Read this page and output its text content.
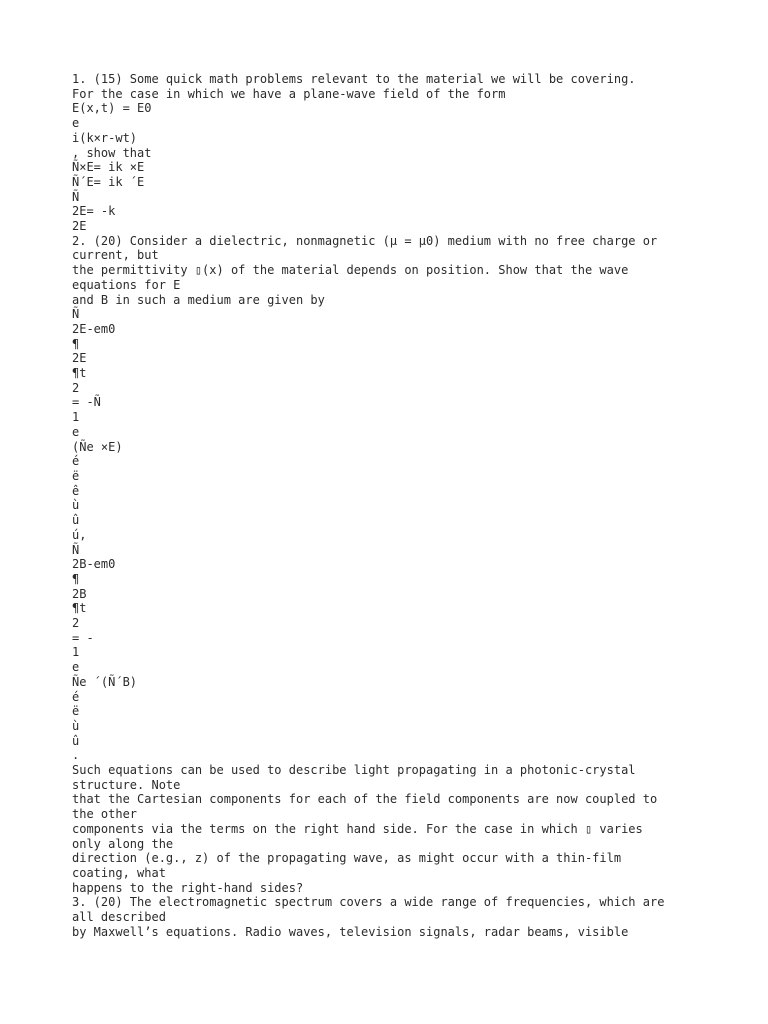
1. (15) Some quick math problems relevant to the material we will be covering.
For the case in which we have a plane-wave field of the form
E(x,t) = E0
e
i(k×r-wt)
, show that
Ñ×E= ik ×E
Ñ´E= ik ´E
Ñ
2E= -k
2E
2. (20) Consider a dielectric, nonmagnetic (μ = μ0) medium with no free charge or
current, but
the permittivity ▯(x) of the material depends on position. Show that the wave
equations for E
and B in such a medium are given by
Ñ
2E-em0
¶
2E
¶t
2
= -Ñ
1
e
(Ñe ×E)
é
ë
ê
ù
û
ú,
Ñ
2B-em0
¶
2B
¶t
2
= -
1
e
Ñe ´(Ñ´B)
é
ë
ù
û
.
Such equations can be used to describe light propagating in a photonic-crystal
structure. Note
that the Cartesian components for each of the field components are now coupled to
the other
components via the terms on the right hand side. For the case in which ▯ varies
only along the
direction (e.g., z) of the propagating wave, as might occur with a thin-film
coating, what
happens to the right-hand sides?
3. (20) The electromagnetic spectrum covers a wide range of frequencies, which are
all described
by Maxwell’s equations. Radio waves, television signals, radar beams, visible
